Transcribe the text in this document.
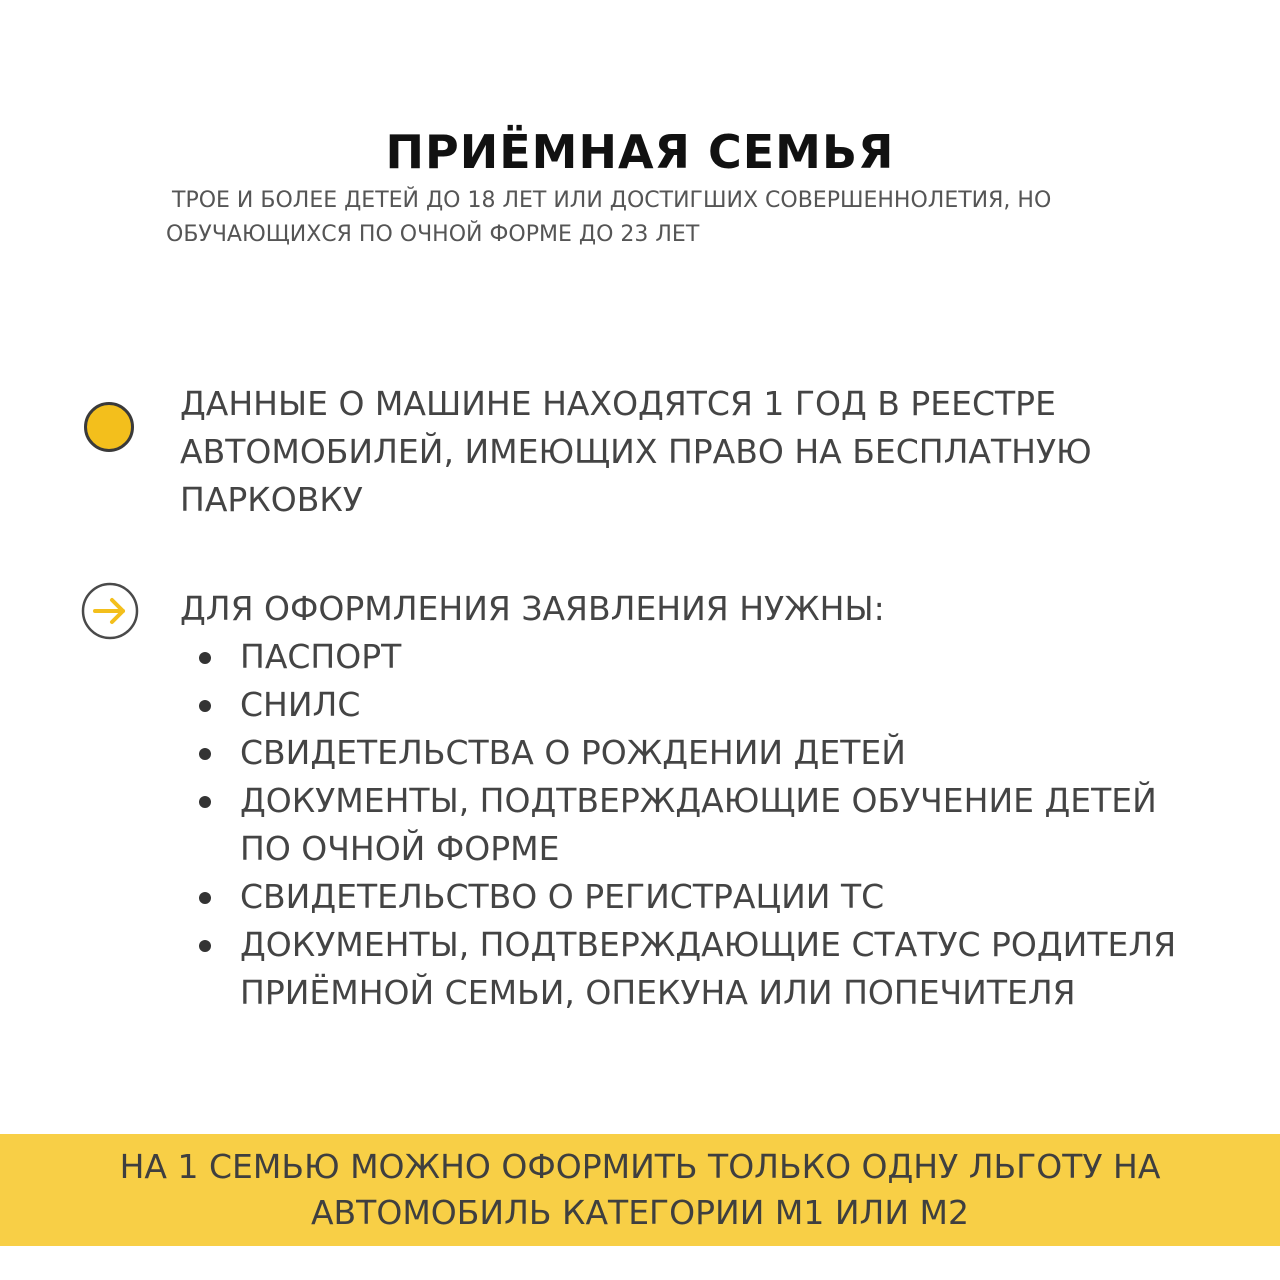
ПРИЁМНАЯ СЕМЬЯ
ТРОЕ И БОЛЕЕ ДЕТЕЙ ДО 18 ЛЕТ ИЛИ ДОСТИГШИХ СОВЕРШЕННОЛЕТИЯ, НО
ОБУЧАЮЩИХСЯ ПО ОЧНОЙ ФОРМЕ ДО 23 ЛЕТ
ДАННЫЕ О МАШИНЕ НАХОДЯТСЯ 1 ГОД В РЕЕСТРЕ АВТОМОБИЛЕЙ, ИМЕЮЩИХ ПРАВО НА БЕСПЛАТНУЮ ПАРКОВКУ
ДЛЯ ОФОРМЛЕНИЯ ЗАЯВЛЕНИЯ НУЖНЫ:
ПАСПОРТ
СНИЛС
СВИДЕТЕЛЬСТВА О РОЖДЕНИИ ДЕТЕЙ
ДОКУМЕНТЫ, ПОДТВЕРЖДАЮЩИЕ ОБУЧЕНИЕ ДЕТЕЙ ПО ОЧНОЙ ФОРМЕ
СВИДЕТЕЛЬСТВО О РЕГИСТРАЦИИ ТС
ДОКУМЕНТЫ, ПОДТВЕРЖДАЮЩИЕ СТАТУС РОДИТЕЛЯ ПРИЁМНОЙ СЕМЬИ, ОПЕКУНА ИЛИ ПОПЕЧИТЕЛЯ
НА 1 СЕМЬЮ МОЖНО ОФОРМИТЬ ТОЛЬКО ОДНУ ЛЬГОТУ НА
АВТОМОБИЛЬ КАТЕГОРИИ М1 ИЛИ М2
